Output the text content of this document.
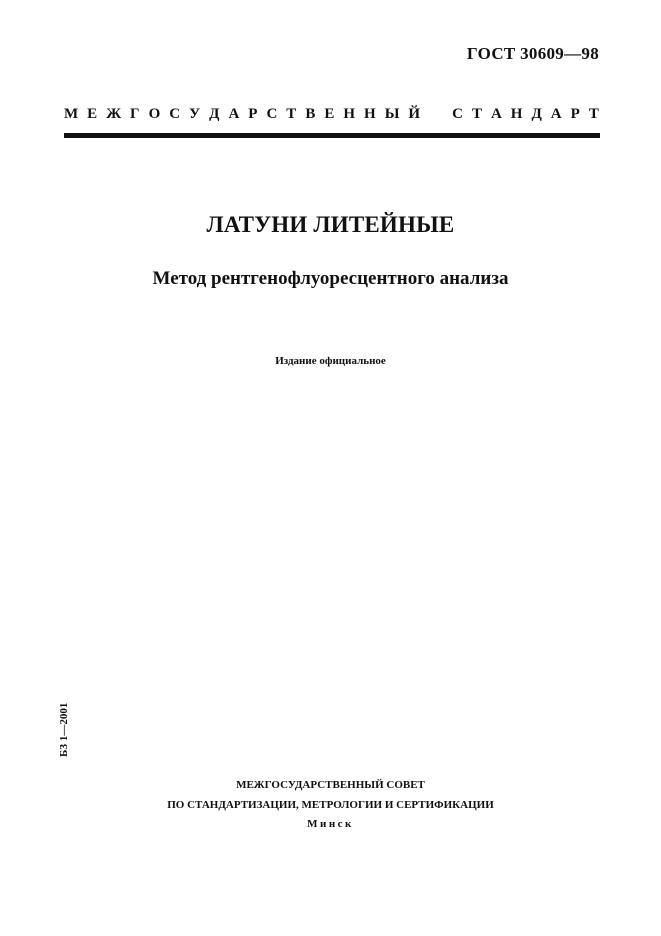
ГОСТ 30609—98
М Е Ж Г О С У Д А Р С Т В Е Н Н Ы Й
С Т А Н Д А Р Т
ЛАТУНИ ЛИТЕЙНЫЕ
Метод рентгенофлуоресцентного анализа
Издание официальное
БЗ 1—2001
МЕЖГОСУДАРСТВЕННЫЙ СОВЕТ
ПО СТАНДАРТИЗАЦИИ, МЕТРОЛОГИИ И СЕРТИФИКАЦИИ
Минск
